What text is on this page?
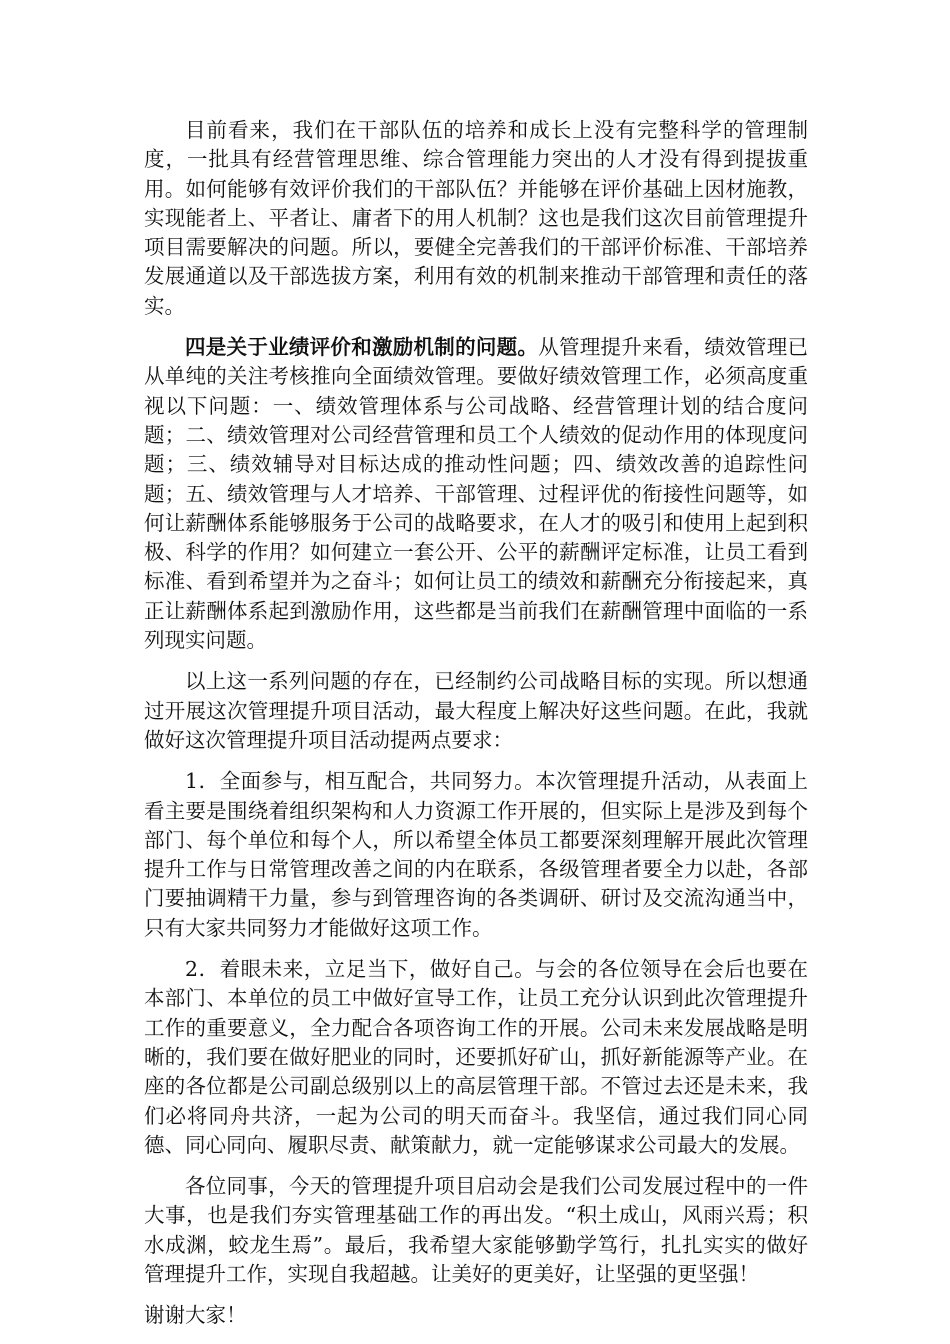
目前看来，我们在干部队伍的培养和成长上没有完整科学的管理制度，一批具有经营管理思维、综合管理能力突出的人才没有得到提拔重用。如何能够有效评价我们的干部队伍？并能够在评价基础上因材施教，实现能者上、平者让、庸者下的用人机制？这也是我们这次目前管理提升项目需要解决的问题。所以，要健全完善我们的干部评价标准、干部培养发展通道以及干部选拔方案，利用有效的机制来推动干部管理和责任的落实。

四是关于业绩评价和激励机制的问题。从管理提升来看，绩效管理已从单纯的关注考核推向全面绩效管理。要做好绩效管理工作，必须高度重视以下问题：一、绩效管理体系与公司战略、经营管理计划的结合度问题；二、绩效管理对公司经营管理和员工个人绩效的促动作用的体现度问题；三、绩效辅导对目标达成的推动性问题；四、绩效改善的追踪性问题；五、绩效管理与人才培养、干部管理、过程评优的衔接性问题等，如何让薪酬体系能够服务于公司的战略要求，在人才的吸引和使用上起到积极、科学的作用？如何建立一套公开、公平的薪酬评定标准，让员工看到标准、看到希望并为之奋斗；如何让员工的绩效和薪酬充分衔接起来，真正让薪酬体系起到激励作用，这些都是当前我们在薪酬管理中面临的一系列现实问题。

以上这一系列问题的存在，已经制约公司战略目标的实现。所以想通过开展这次管理提升项目活动，最大程度上解决好这些问题。在此，我就做好这次管理提升项目活动提两点要求：

1．全面参与，相互配合，共同努力。本次管理提升活动，从表面上看主要是围绕着组织架构和人力资源工作开展的，但实际上是涉及到每个部门、每个单位和每个人，所以希望全体员工都要深刻理解开展此次管理提升工作与日常管理改善之间的内在联系，各级管理者要全力以赴，各部门要抽调精干力量，参与到管理咨询的各类调研、研讨及交流沟通当中，只有大家共同努力才能做好这项工作。

2．着眼未来，立足当下，做好自己。与会的各位领导在会后也要在本部门、本单位的员工中做好宣导工作，让员工充分认识到此次管理提升工作的重要意义，全力配合各项咨询工作的开展。公司未来发展战略是明晰的，我们要在做好肥业的同时，还要抓好矿山，抓好新能源等产业。在座的各位都是公司副总级别以上的高层管理干部。不管过去还是未来，我们必将同舟共济，一起为公司的明天而奋斗。我坚信，通过我们同心同德、同心同向、履职尽责、献策献力，就一定能够谋求公司最大的发展。

各位同事，今天的管理提升项目启动会是我们公司发展过程中的一件大事，也是我们夯实管理基础工作的再出发。“积土成山，风雨兴焉；积水成渊，蛟龙生焉”。最后，我希望大家能够勤学笃行，扎扎实实的做好管理提升工作，实现自我超越。让美好的更美好，让坚强的更坚强！

谢谢大家！
